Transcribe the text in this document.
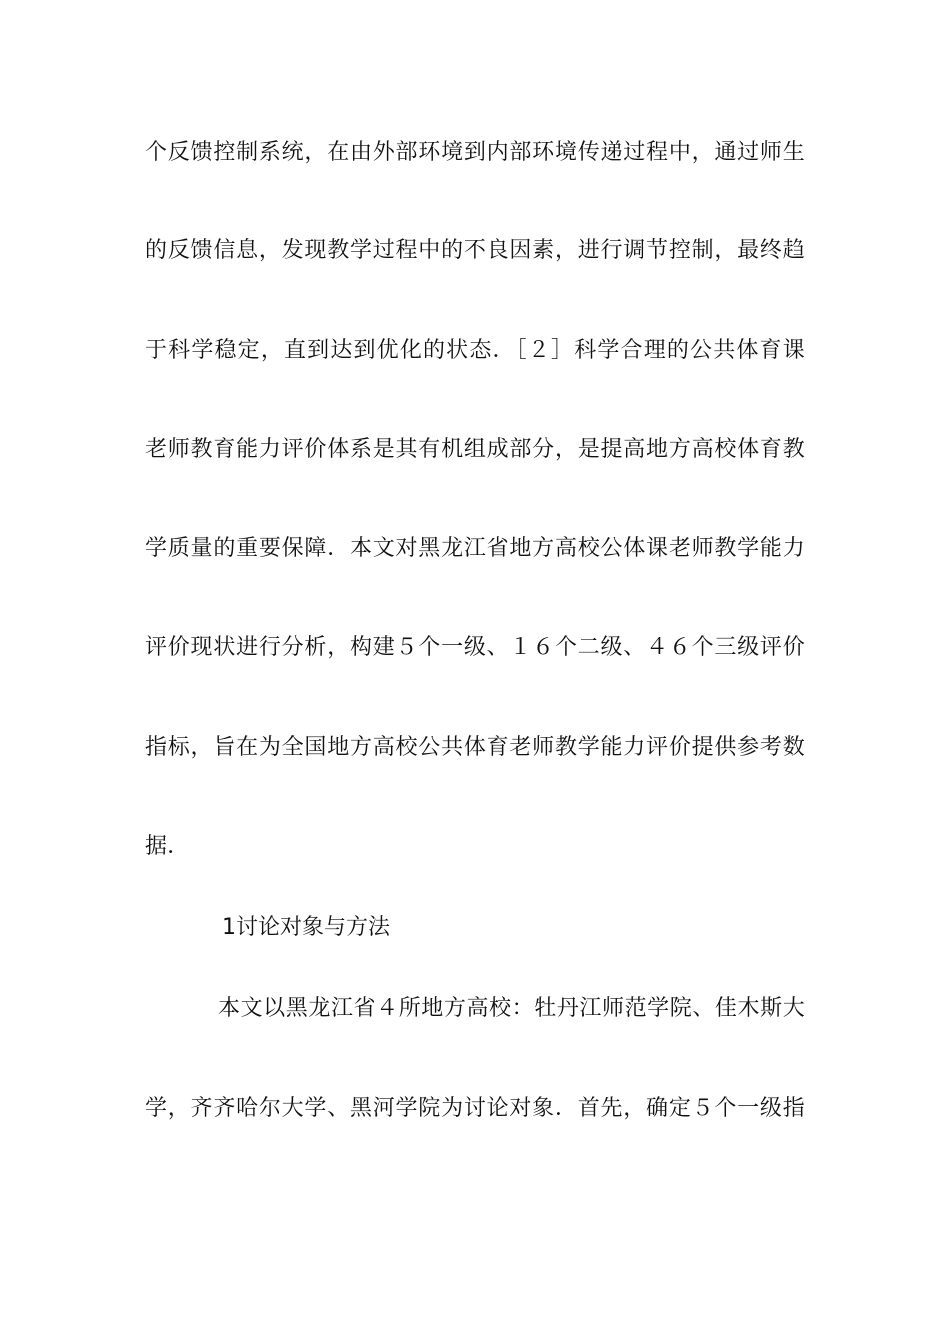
个反馈控制系统，在由外部环境到内部环境传递过程中，通过师生
的反馈信息，发现教学过程中的不良因素，进行调节控制，最终趋
于科学稳定，直到达到优化的状态．［２］科学合理的公共体育课
老师教育能力评价体系是其有机组成部分，是提高地方高校体育教
学质量的重要保障．本文对黑龙江省地方高校公体课老师教学能力
评价现状进行分析，构建５个一级、１６个二级、４６个三级评价
指标，旨在为全国地方高校公共体育老师教学能力评价提供参考数
据．
1讨论对象与方法
本文以黑龙江省４所地方高校：牡丹江师范学院、佳木斯大
学，齐齐哈尔大学、黑河学院为讨论对象．首先，确定５个一级指
